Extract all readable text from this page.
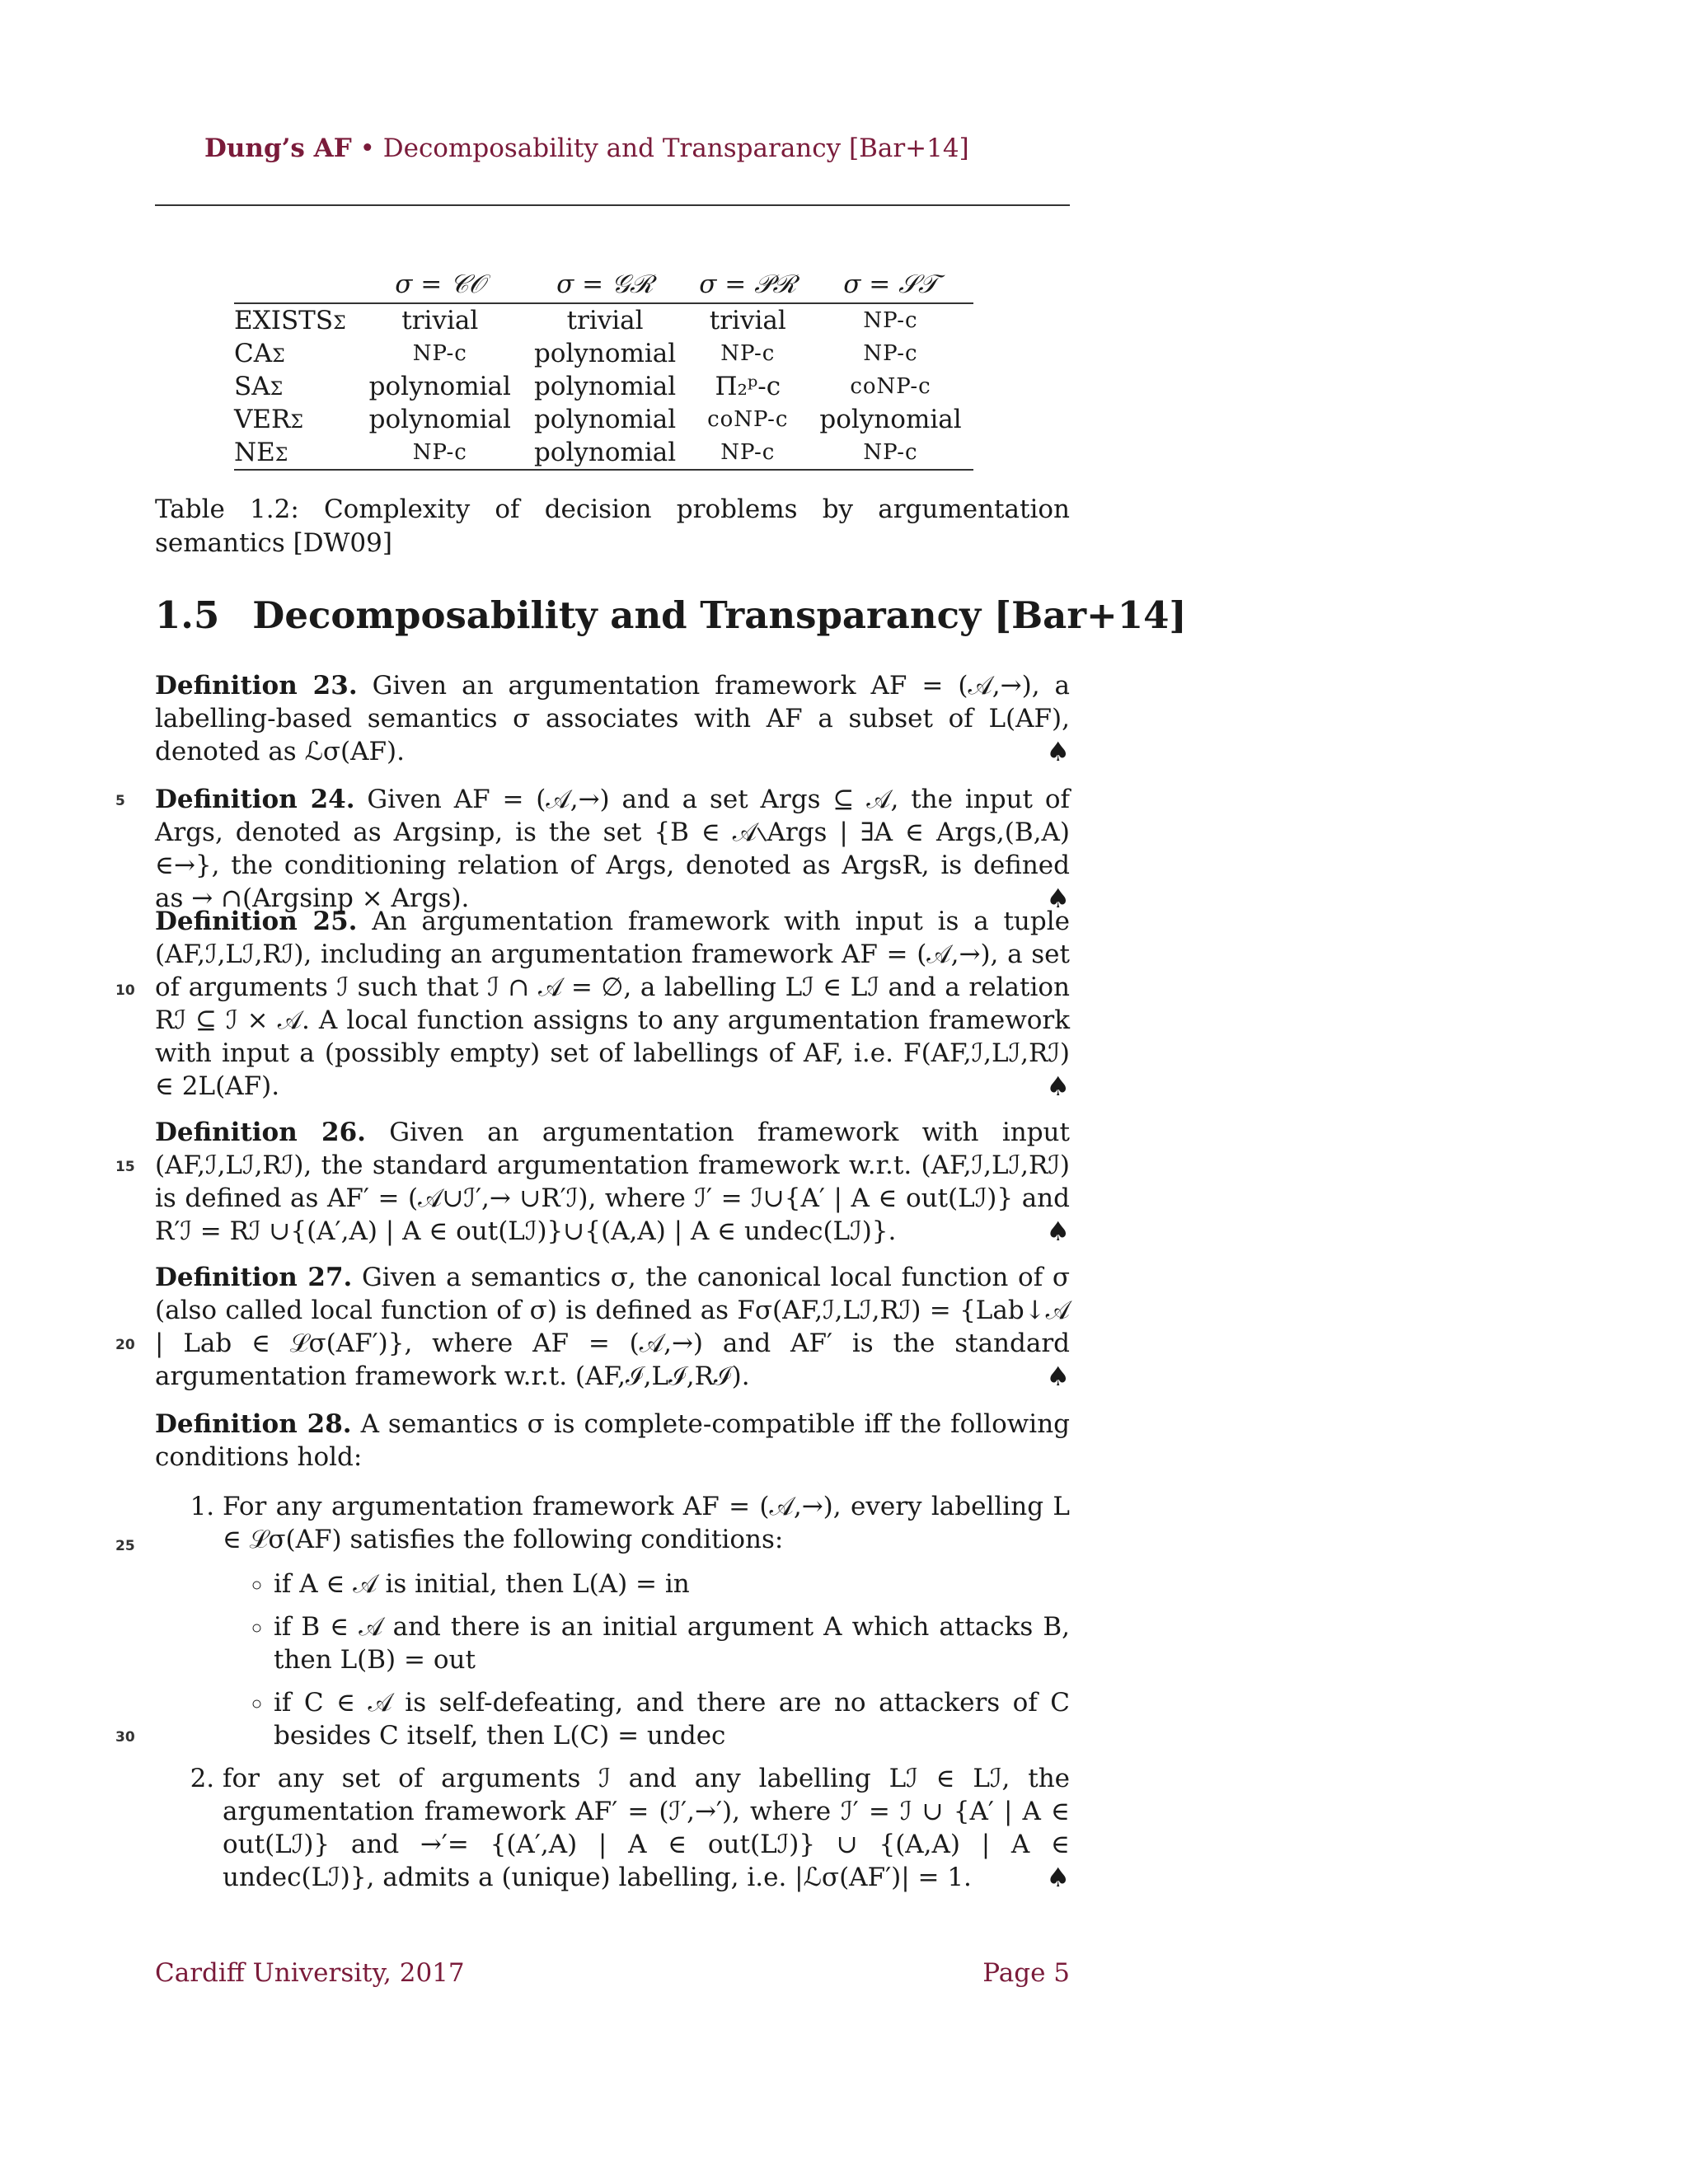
Dung’s AF • Decomposability and Transparancy [Bar+14]
	σ = 𝒞𝒪	σ = 𝒢ℛ	σ = 𝒫ℛ	σ = 𝒮𝒯
EXISTSσ	trivial	trivial	trivial	NP-c
CAσ	NP-c	polynomial	NP-c	NP-c
SAσ	polynomial	polynomial	Π₂ᵖ-c	coNP-c
VERσ	polynomial	polynomial	coNP-c	polynomial
NEσ	NP-c	polynomial	NP-c	NP-c
Table 1.2: Complexity of decision problems by argumentation semantics [DW09]
1.5 Decomposability and Transparancy [Bar+14]
Definition 23. Given an argumentation framework AF = (𝒜,→), a labelling-based semantics σ associates with AF a subset of L(AF), denoted as ℒσ(AF).	♠
Definition 24. Given AF = (𝒜,→) and a set Args ⊆ 𝒜, the input of Args, denoted as Argsinp, is the set {B ∈ 𝒜∖Args | ∃A ∈ Args,(B,A) ∈→}, the conditioning relation of Args, denoted as ArgsR, is defined as → ∩(Argsinp × Args).	♠
Definition 25. An argumentation framework with input is a tuple (AF,ℐ,Lℐ,Rℐ), including an argumentation framework AF = (𝒜,→), a set of arguments ℐ such that ℐ ∩ 𝒜 = ∅, a labelling Lℐ ∈ Lℐ and a relation Rℐ ⊆ ℐ × 𝒜. A local function assigns to any argumentation framework with input a (possibly empty) set of labellings of AF, i.e. F(AF,ℐ,Lℐ,Rℐ) ∈ 2L(AF).	♠
Definition 26. Given an argumentation framework with input (AF,ℐ,Lℐ,Rℐ), the standard argumentation framework w.r.t. (AF,ℐ,Lℐ,Rℐ) is defined as AF′ = (𝒜∪ℐ′,→ ∪R′ℐ), where ℐ′ = ℐ∪{A′ | A ∈ out(Lℐ)} and R′ℐ = Rℐ ∪{(A′,A) | A ∈ out(Lℐ)}∪{(A,A) | A ∈ undec(Lℐ)}.	♠
Definition 27. Given a semantics σ, the canonical local function of σ (also called local function of σ) is defined as Fσ(AF,ℐ,Lℐ,Rℐ) = {Lab↓𝒜 | Lab ∈ ℒσ(AF′)}, where AF = (𝒜,→) and AF′ is the standard argumentation framework w.r.t. (AF,ℐ,Lℐ,Rℐ).	♠
Definition 28. A semantics σ is complete-compatible iff the following conditions hold:
1. For any argumentation framework AF = (𝒜,→), every labelling L ∈ ℒσ(AF) satisfies the following conditions:
◦ if A ∈ 𝒜 is initial, then L(A) = in
◦ if B ∈ 𝒜 and there is an initial argument A which attacks B, then L(B) = out
◦ if C ∈ 𝒜 is self-defeating, and there are no attackers of C besides C itself, then L(C) = undec
2. for any set of arguments ℐ and any labelling Lℐ ∈ Lℐ, the argumentation framework AF′ = (ℐ′,→′), where ℐ′ = ℐ ∪ {A′ | A ∈ out(Lℐ)} and →′= {(A′,A) | A ∈ out(Lℐ)} ∪ {(A,A) | A ∈ undec(Lℐ)}, admits a (unique) labelling, i.e. |ℒσ(AF′)| = 1.	♠
5
10
15
20
25
30
Cardiff University, 2017	Page 5
